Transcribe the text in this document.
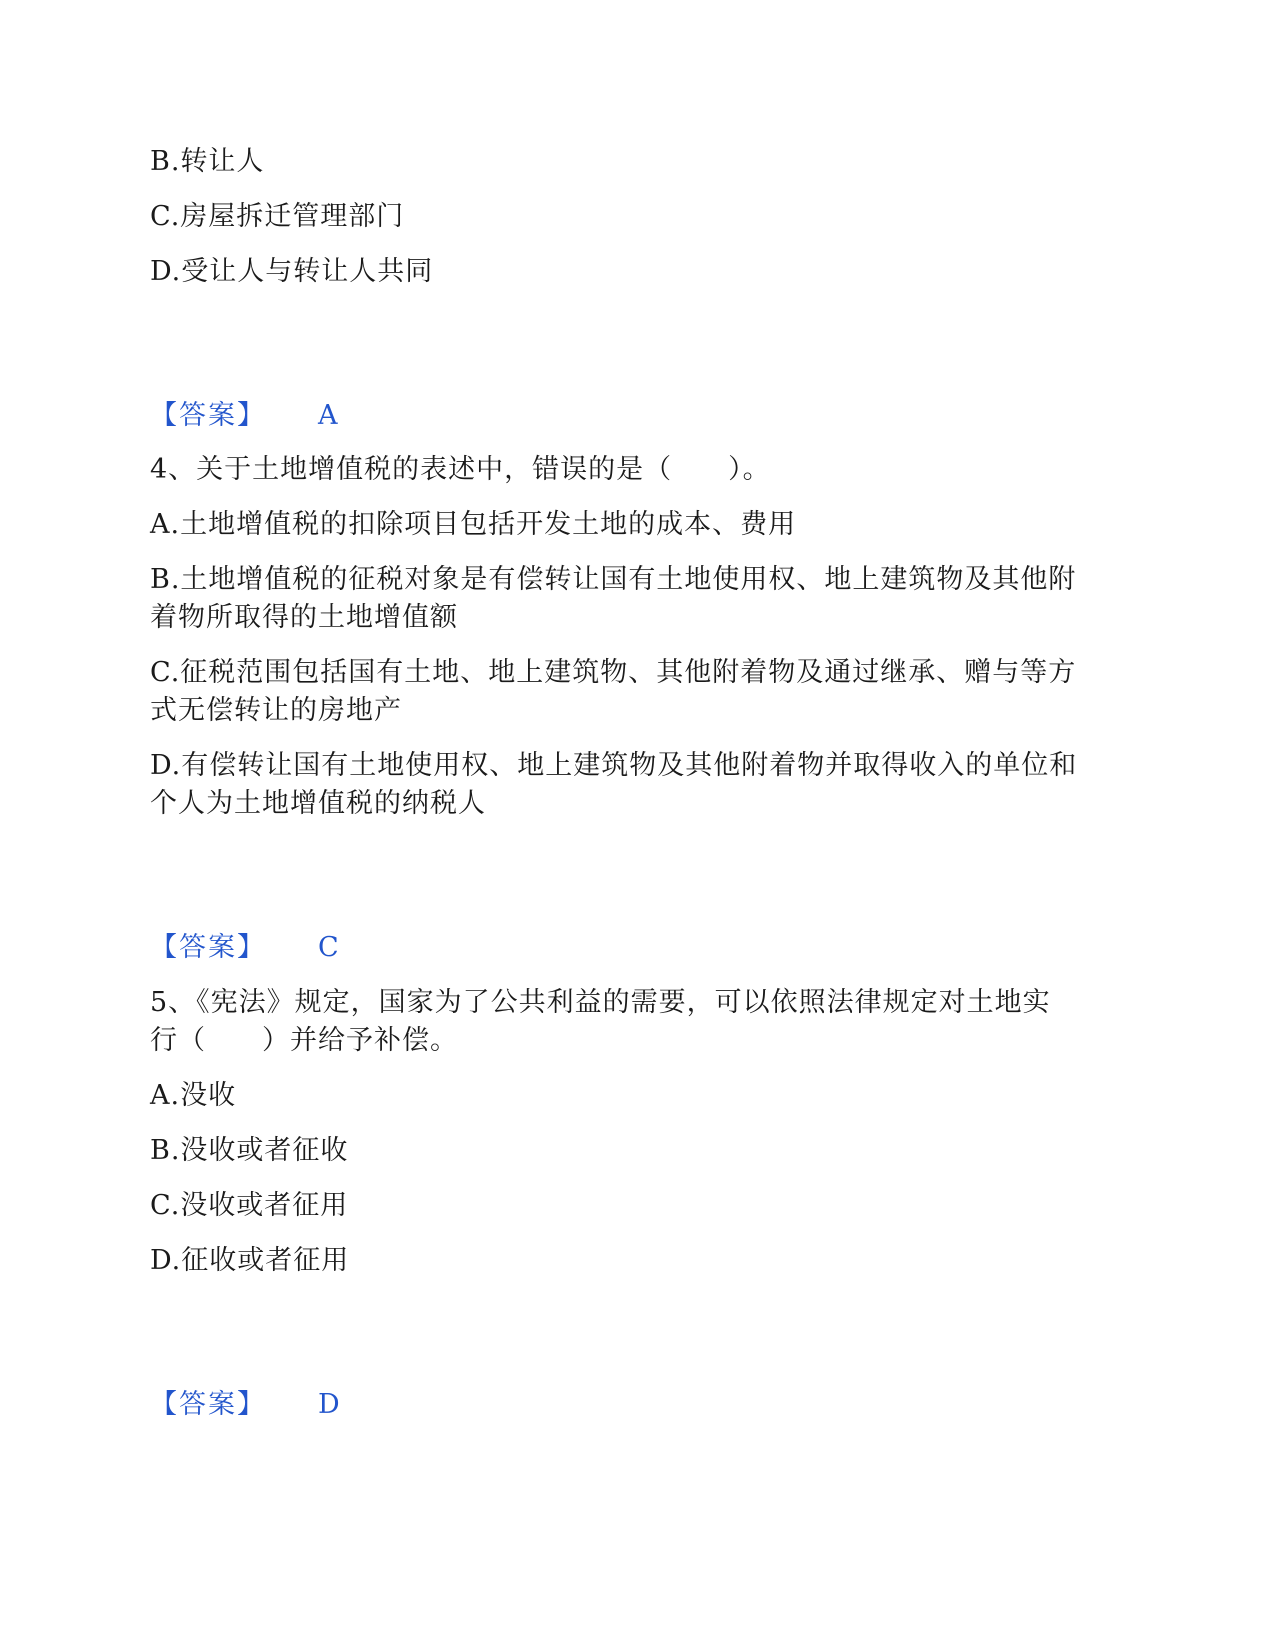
B.转让人
C.房屋拆迁管理部门
D.受让人与转让人共同
【答案】 A
4、关于土地增值税的表述中，错误的是（　　）。
A.土地增值税的扣除项目包括开发土地的成本、费用
B.土地增值税的征税对象是有偿转让国有土地使用权、地上建筑物及其他附
着物所取得的土地增值额
C.征税范围包括国有土地、地上建筑物、其他附着物及通过继承、赠与等方
式无偿转让的房地产
D.有偿转让国有土地使用权、地上建筑物及其他附着物并取得收入的单位和
个人为土地增值税的纳税人
【答案】 C
5、《宪法》规定，国家为了公共利益的需要，可以依照法律规定对土地实
行（　　）并给予补偿。
A.没收
B.没收或者征收
C.没收或者征用
D.征收或者征用
【答案】 D
